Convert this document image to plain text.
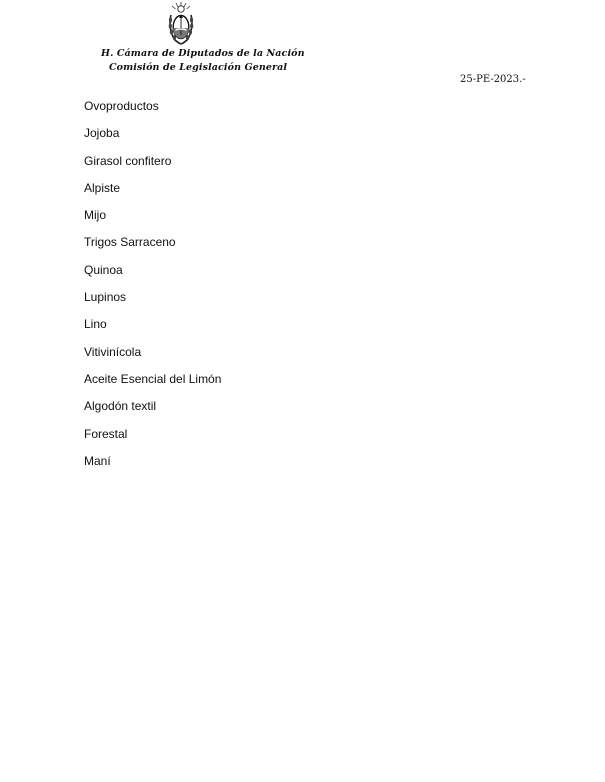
H. Cámara de Diputados de la Nación
Comisión de Legislación General
25-PE-2023.-
Ovoproductos
Jojoba
Girasol confitero
Alpiste
Mijo
Trigos Sarraceno
Quinoa
Lupinos
Lino
Vitivinícola
Aceite Esencial del Limón
Algodón textil
Forestal
Maní
